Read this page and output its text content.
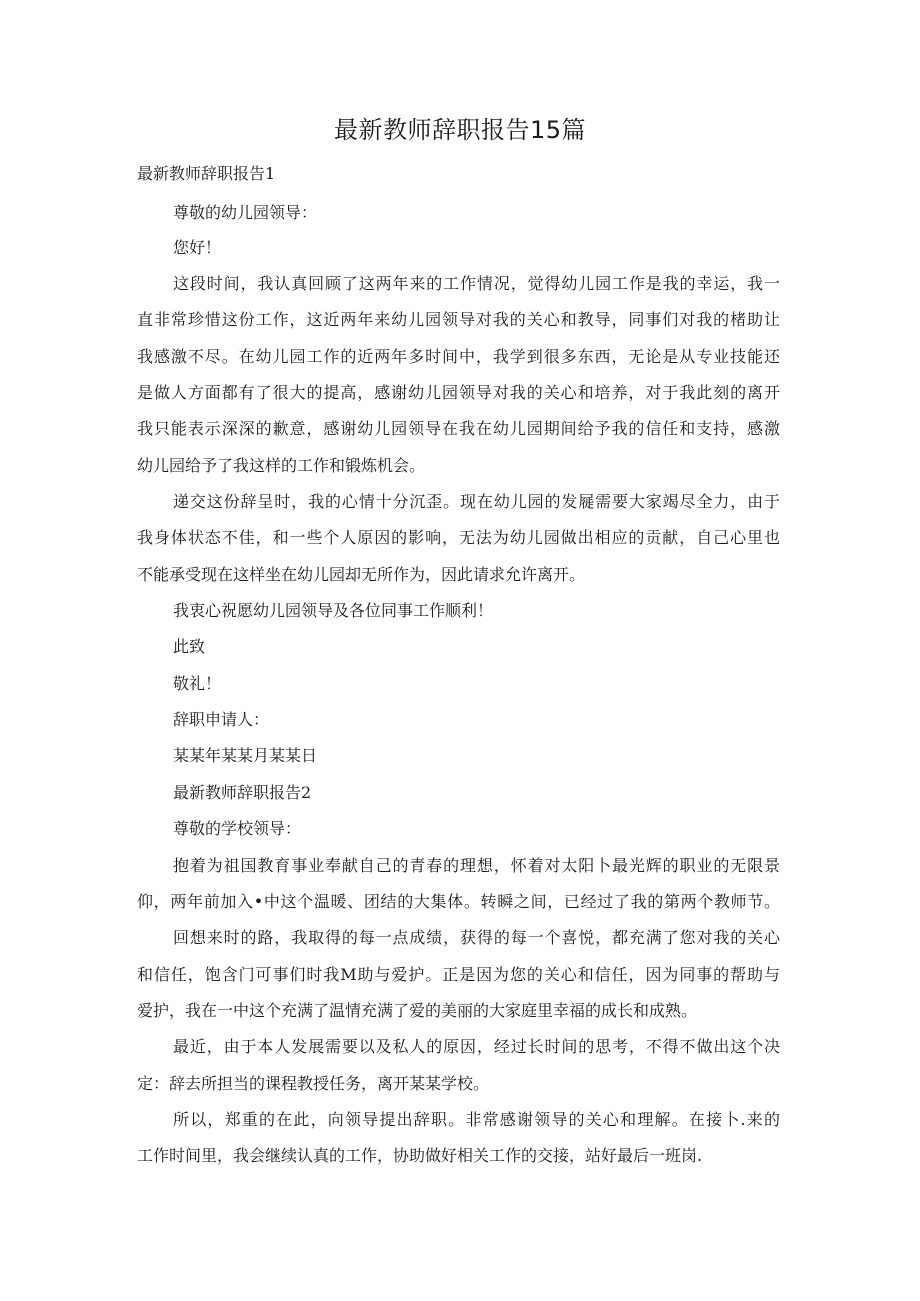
最新教师辞职报告15篇

最新教师辞职报告1

尊敬的幼儿园领导：

您好！

这段时间，我认真回顾了这两年来的工作情况，觉得幼儿园工作是我的幸运，我一

直非常珍惜这份工作，这近两年来幼儿园领导对我的关心和教导，同事们对我的楮助让

我感激不尽。在幼儿园工作的近两年多时间中，我学到很多东西，无论是从专业技能还

是做人方面都有了很大的提高，感谢幼儿园领导对我的关心和培养，对于我此刻的离开

我只能表示深深的歉意，感谢幼儿园领导在我在幼儿园期间给予我的信任和支持，感激

幼儿园给予了我这样的工作和锻炼机会。

递交这份辞呈时，我的心情十分沉歪。现在幼儿园的发屣需要大家竭尽全力，由于

我身体状态不佳，和一些个人原因的影响，无法为幼儿园做出相应的贡献，自己心里也

不能承受现在这样坐在幼儿园却无所作为，因此请求允许离开。

我衷心祝愿幼儿园领导及各位同事工作顺利！

此致

敬礼！

辞职申请人：

某某年某某月某某日

最新教师辞职报告2

尊敬的学校领导：

抱着为祖国教育事业奉献自己的青春的理想，怀着对太阳卜最光辉的职业的无限景

仰，两年前加入•中这个温暖、团结的大集体。转瞬之间，已经过了我的第两个教师节。

回想来时的路，我取得的每一点成绩，获得的每一个喜悦，都充满了您对我的关心

和信任，饱含门可事们时我M助与爱护。正是因为您的关心和信任，因为同事的帮助与

爱护，我在一中这个充满了温情充满了爱的美丽的大家庭里幸福的成长和成熟。

最近，由于本人发展需要以及私人的原因，经过长时间的思考，不得不做出这个决

定：辞去所担当的课程教授任务，离开某某学校。

所以，郑重的在此，向领导提出辞职。非常感谢领导的关心和理解。在接卜.来的

工作时间里，我会继续认真的工作，协助做好相关工作的交接，站好最后一班岗.
